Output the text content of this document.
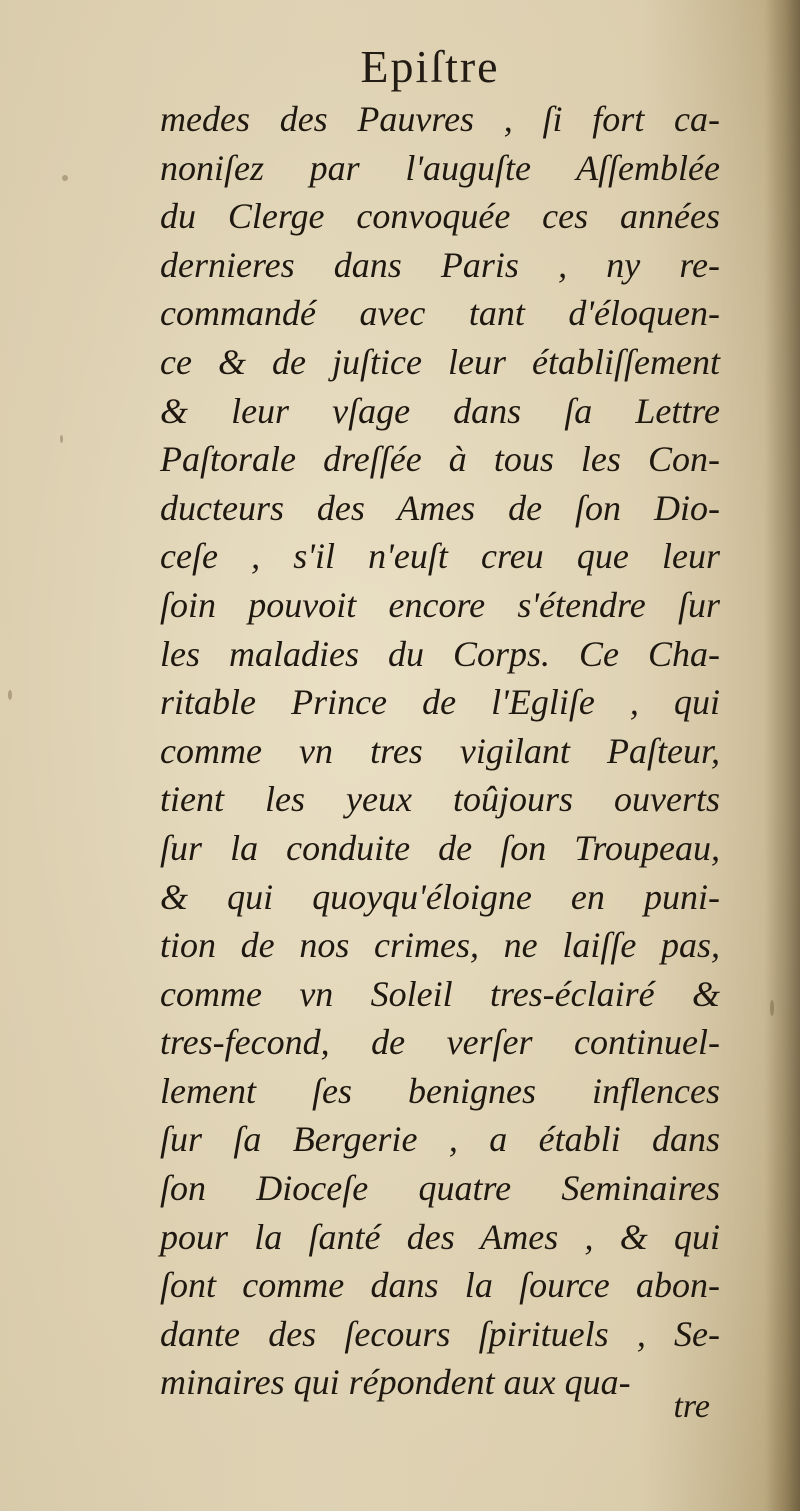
Epiſtre
medes des Pauvres , ſi fort ca-
noniſez par l'auguſte Aſſemblée
du Clerge convoquée ces années
dernieres dans Paris , ny re-
commandé avec tant d'éloquen-
ce & de juſtice leur établiſſement
& leur vſage dans ſa Lettre
Paſtorale dreſſée à tous les Con-
ducteurs des Ames de ſon Dio-
ceſe , s'il n'euſt creu que leur
ſoin pouvoit encore s'étendre ſur
les maladies du Corps. Ce Cha-
ritable Prince de l'Egliſe , qui
comme vn tres vigilant Paſteur,
tient les yeux toûjours ouverts
ſur la conduite de ſon Troupeau,
& qui quoyqu'éloigne en puni-
tion de nos crimes, ne laiſſe pas,
comme vn Soleil tres-éclairé &
tres-fecond, de verſer continuel-
lement ſes benignes inflences
ſur ſa Bergerie , a établi dans
ſon Dioceſe quatre Seminaires
pour la ſanté des Ames , & qui
ſont comme dans la ſource abon-
dante des ſecours ſpirituels , Se-
minaires qui répondent aux qua-
tre
